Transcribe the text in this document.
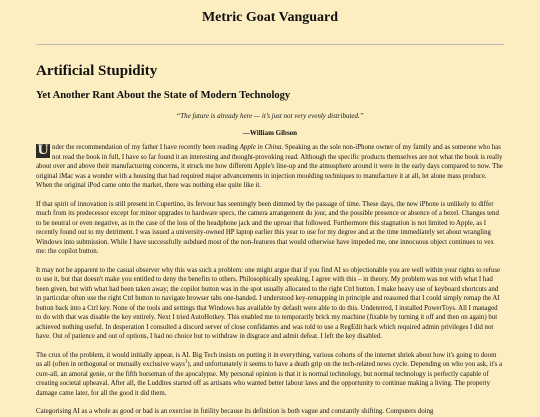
Metric Goat Vanguard
Artificial Stupidity
Yet Another Rant About the State of Modern Technology

“The future is already here — it’s just not very evenly distributed.”

—William Gibson

U nder the recommendation of my father I have recently been reading Apple in China. Speaking as the sole non-iPhone owner of my family and as someone who has not read the book in full, I have so far found it an interesting and thought-provoking read. Although the specific products themselves are not what the book is really about over and above their manufacturing concerns, it struck me how different Apple's line-up and the atmosphere around it were in the early days compared to now. The original iMac was a wonder with a housing that had required major advancements in injection moulding techniques to manufacture it at all, let alone mass produce. When the original iPod came onto the market, there was nothing else quite like it.

If that spirit of innovation is still present in Cupertino, its fervour has seemingly been dimmed by the passage of time. These days, the new iPhone is unlikely to differ much from its predecessor except for minor upgrades to hardware specs, the camera arrangement du jour, and the possible presence or absence of a bezel. Changes tend to be neutral or even negative, as in the case of the loss of the headphone jack and the uproar that followed. Furthermore this stagnation is not limited to Apple, as I recently found out to my detriment. I was issued a university-owned HP laptop earlier this year to use for my degree and at the time immediately set about wrangling Windows into submission. While I have successfully subdued most of the non-features that would otherwise have impeded me, one innocuous object continues to vex me: the copilot button.

It may not be apparent to the casual observer why this was such a problem: one might argue that if you find AI so objectionable you are well within your rights to refuse to use it, but that doesn't make you entitled to deny the benefits to others. Philosophically speaking, I agree with this – in theory. My problem was not with what I had been given, but with what had been taken away; the copilot button was in the spot usually allocated to the right Ctrl button. I make heavy use of keyboard shortcuts and in particular often use the right Ctrl button to navigate browser tabs one-handed. I understood key-remapping in principle and reasoned that I could simply remap the AI button back into a Ctrl key. None of the tools and settings that Windows has available by default were able to do this. Undeterred, I installed PowerToys. All I managed to do with that was disable the key entirely. Next I tried AutoHotkey. This enabled me to temporarily brick my machine (fixable by turning it off and then on again) but achieved nothing useful. In desperation I consulted a discord server of close confidantes and was told to use a RegEdit hack which required admin privileges I did not have. Out of patience and out of options, I had no choice but to withdraw in disgrace and admit defeat. I left the key disabled.

The crux of the problem, it would initially appear, is AI. Big Tech insists on putting it in everything, various cohorts of the internet shriek about how it's going to doom us all (often in orthogonal or mutually exclusive ways$^1$), and unfortunately it seems to have a death grip on the tech-related news cycle. Depending on who you ask, it's a cure-all, an amoral genie, or the fifth horseman of the apocalypse. My personal opinion is that it is normal technology, but normal technology is perfectly capable of creating societal upheaval. After all, the Luddites started off as artisans who wanted better labour laws and the opportunity to continue making a living. The property damage came later, for all the good it did them.

Categorising AI as a whole as good or bad is an exercise in futility because its definition is both vague and constantly shifting. Computers doing
